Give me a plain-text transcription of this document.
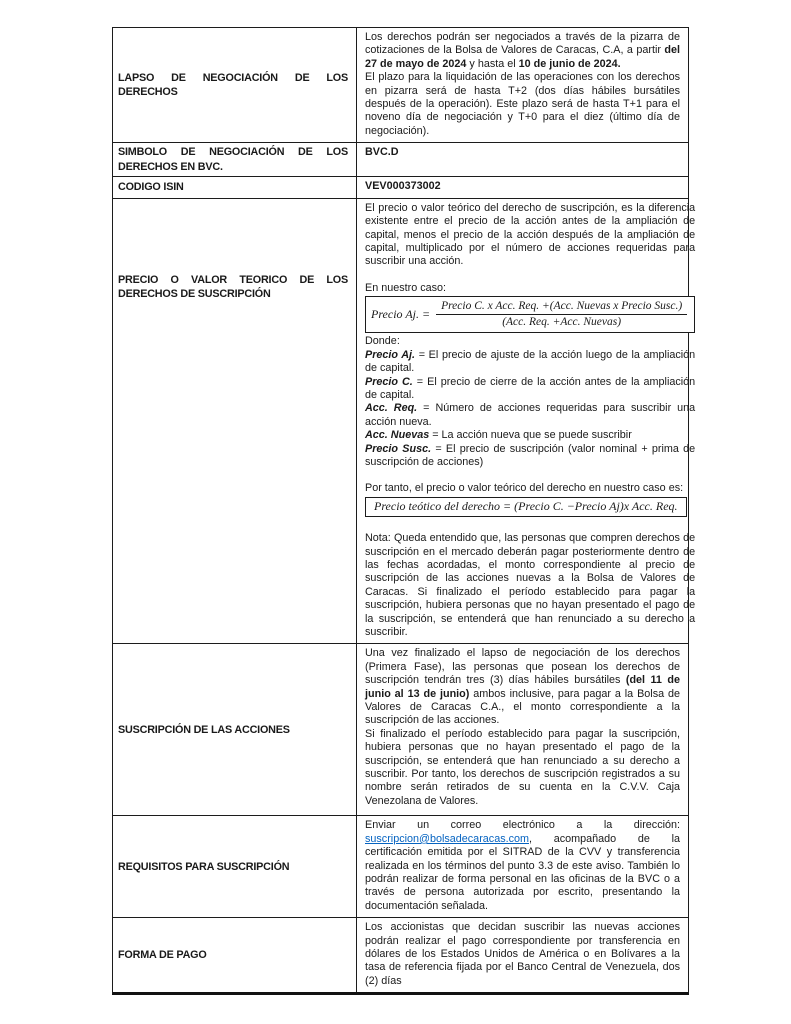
LAPSO DE NEGOCIACIÓN DE LOS DERECHOS

Los derechos podrán ser negociados a través de la pizarra de cotizaciones de la Bolsa de Valores de Caracas, C.A, a partir del 27 de mayo de 2024 y hasta el 10 de junio de 2024.

El plazo para la liquidación de las operaciones con los derechos en pizarra será de hasta T+2 (dos días hábiles bursátiles después de la operación). Este plazo será de hasta T+1 para el noveno día de negociación y T+0 para el diez (último día de negociación).

SIMBOLO DE NEGOCIACIÓN DE LOS DERECHOS EN BVC.

BVC.D

CODIGO ISIN	VEV000373002

PRECIO O VALOR TEORICO DE LOS DERECHOS DE SUSCRIPCIÓN

El precio o valor teórico del derecho de suscripción, es la diferencia existente entre el precio de la acción antes de la ampliación de capital, menos el precio de la acción después de la ampliación de capital, multiplicado por el número de acciones requeridas para suscribir una acción.

En nuestro caso:

Precio Aj. = $\frac{\text{Precio C. x Acc. Req. +(Acc. Nuevas x Precio Susc.)}}{\text{(Acc. Req. +Acc. Nuevas)}}$

Donde:

Precio Aj. = El precio de ajuste de la acción luego de la ampliación de capital.

Precio C. = El precio de cierre de la acción antes de la ampliación de capital.

Acc. Req. = Número de acciones requeridas para suscribir una acción nueva.

Acc. Nuevas = La acción nueva que se puede suscribir

Precio Susc. = El precio de suscripción (valor nominal + prima de suscripción de acciones)

Por tanto, el precio o valor teórico del derecho en nuestro caso es:

Precio teótico del derecho = (Precio C. −Precio Aj)x Acc. Req.

Nota: Queda entendido que, las personas que compren derechos de suscripción en el mercado deberán pagar posteriormente dentro de las fechas acordadas, el monto correspondiente al precio de suscripción de las acciones nuevas a la Bolsa de Valores de Caracas. Si finalizado el período establecido para pagar la suscripción, hubiera personas que no hayan presentado el pago de la suscripción, se entenderá que han renunciado a su derecho a suscribir.

SUSCRIPCIÓN DE LAS ACCIONES

Una vez finalizado el lapso de negociación de los derechos (Primera Fase), las personas que posean los derechos de suscripción tendrán tres (3) días hábiles bursátiles (del 11 de junio al 13 de junio) ambos inclusive, para pagar a la Bolsa de Valores de Caracas C.A., el monto correspondiente a la suscripción de las acciones.

Si finalizado el período establecido para pagar la suscripción, hubiera personas que no hayan presentado el pago de la suscripción, se entenderá que han renunciado a su derecho a suscribir. Por tanto, los derechos de suscripción registrados a su nombre serán retirados de su cuenta en la C.V.V. Caja Venezolana de Valores.

REQUISITOS PARA SUSCRIPCIÓN

Enviar un correo electrónico a la dirección: suscripcion@bolsadecaracas.com, acompañado de la certificación emitida por el SITRAD de la CVV y transferencia realizada en los términos del punto 3.3 de este aviso. También lo podrán realizar de forma personal en las oficinas de la BVC o a través de persona autorizada por escrito, presentando la documentación señalada.

FORMA DE PAGO

Los accionistas que decidan suscribir las nuevas acciones podrán realizar el pago correspondiente por transferencia en dólares de los Estados Unidos de América o en Bolívares a la tasa de referencia fijada por el Banco Central de Venezuela, dos (2) días
